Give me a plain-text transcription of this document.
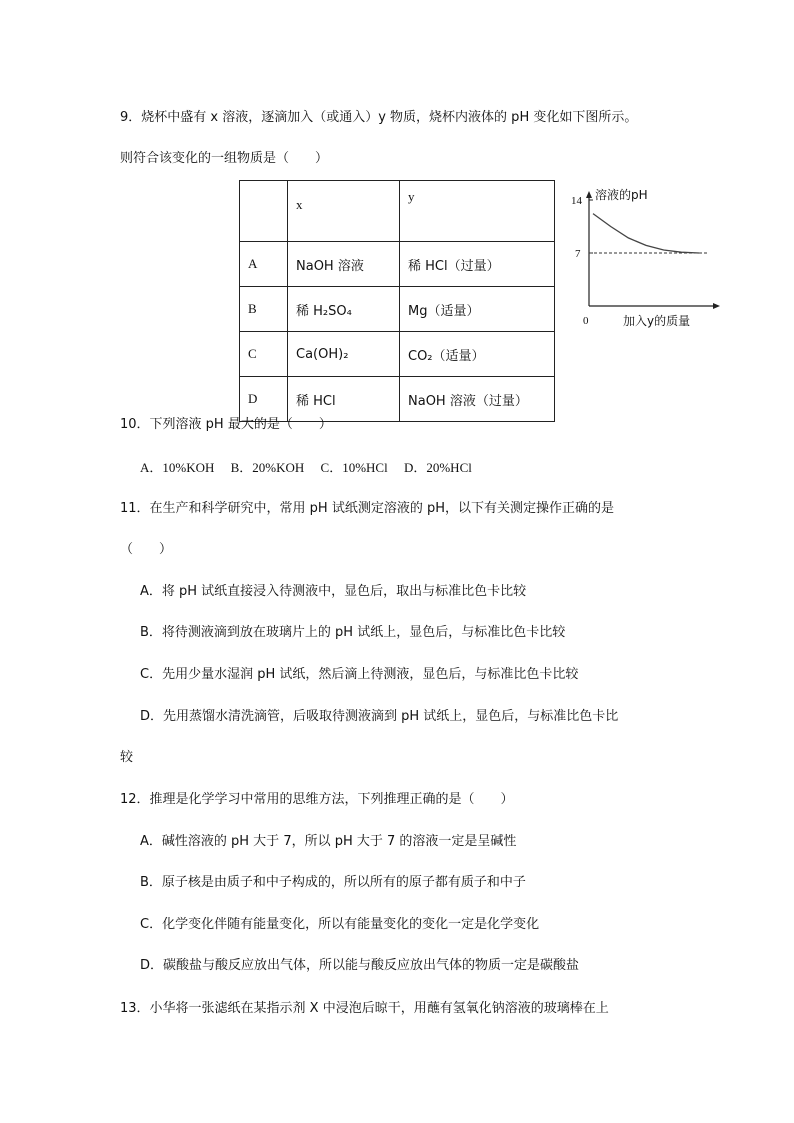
9．烧杯中盛有 x 溶液，逐滴加入（或通入）y 物质，烧杯内液体的 pH 变化如下图所示。
则符合该变化的一组物质是（　　）
	x	y
A	NaOH 溶液	稀 HCl（过量）
B	稀 H₂SO₄	Mg（适量）
C	Ca(OH)₂	CO₂（适量）
D	稀 HCl	NaOH 溶液（过量）
溶液的pH
加入y的质量
0
14
7
10．下列溶液 pH 最大的是（　　）
A．10%KOH　 B．20%KOH　 C．10%HCl　 D．20%HCl
11．在生产和科学研究中，常用 pH 试纸测定溶液的 pH，以下有关测定操作正确的是
（　　）
A．将 pH 试纸直接浸入待测液中，显色后，取出与标准比色卡比较
B．将待测液滴到放在玻璃片上的 pH 试纸上，显色后，与标准比色卡比较
C．先用少量水湿润 pH 试纸，然后滴上待测液，显色后，与标准比色卡比较
D．先用蒸馏水清洗滴管，后吸取待测液滴到 pH 试纸上，显色后，与标准比色卡比
较
12．推理是化学学习中常用的思维方法，下列推理正确的是（　　）
A．碱性溶液的 pH 大于 7，所以 pH 大于 7 的溶液一定是呈碱性
B．原子核是由质子和中子构成的，所以所有的原子都有质子和中子
C．化学变化伴随有能量变化，所以有能量变化的变化一定是化学变化
D．碳酸盐与酸反应放出气体，所以能与酸反应放出气体的物质一定是碳酸盐
13．小华将一张滤纸在某指示剂 X 中浸泡后晾干，用蘸有氢氧化钠溶液的玻璃棒在上
